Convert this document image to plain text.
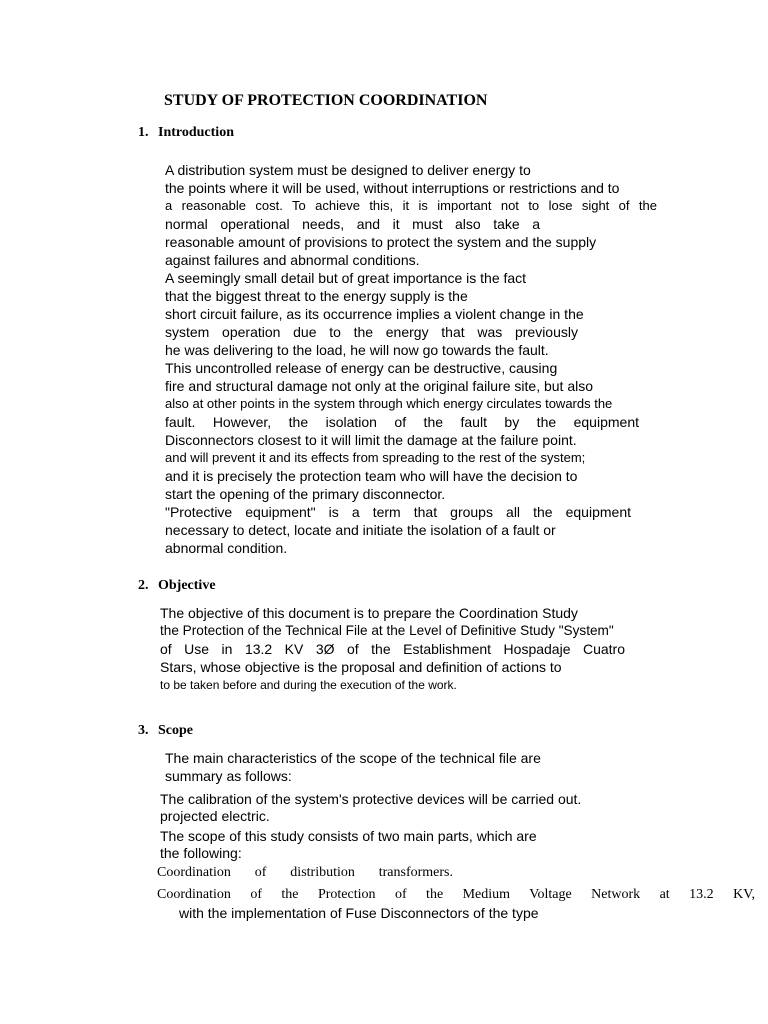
STUDY OF PROTECTION COORDINATION
1. Introduction
A distribution system must be designed to deliver energy to
the points where it will be used, without interruptions or restrictions and to
a reasonable cost. To achieve this, it is important not to lose sight of the
normal operational needs, and it must also take a
reasonable amount of provisions to protect the system and the supply
against failures and abnormal conditions.
A seemingly small detail but of great importance is the fact
that the biggest threat to the energy supply is the
short circuit failure, as its occurrence implies a violent change in the
system operation due to the energy that was previously
he was delivering to the load, he will now go towards the fault.
This uncontrolled release of energy can be destructive, causing
fire and structural damage not only at the original failure site, but also
also at other points in the system through which energy circulates towards the
fault. However, the isolation of the fault by the equipment
Disconnectors closest to it will limit the damage at the failure point.
and will prevent it and its effects from spreading to the rest of the system;
and it is precisely the protection team who will have the decision to
start the opening of the primary disconnector.
"Protective equipment" is a term that groups all the equipment
necessary to detect, locate and initiate the isolation of a fault or
abnormal condition.
2. Objective
The objective of this document is to prepare the Coordination Study
the Protection of the Technical File at the Level of Definitive Study "System"
of Use in 13.2 KV 3Ø of the Establishment Hospadaje Cuatro
Stars, whose objective is the proposal and definition of actions to
to be taken before and during the execution of the work.
3. Scope
The main characteristics of the scope of the technical file are
summary as follows:
The calibration of the system's protective devices will be carried out.
projected electric.
The scope of this study consists of two main parts, which are
the following:
Coordination of distribution transformers.
Coordination of the Protection of the Medium Voltage Network at 13.2 KV,
with the implementation of Fuse Disconnectors of the type
